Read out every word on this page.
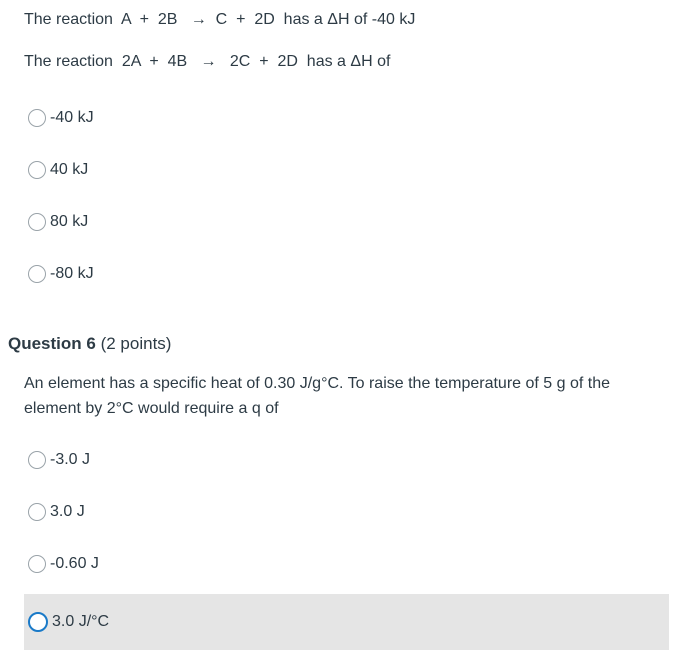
The reaction  A  +  2B   →  C  +  2D  has a ΔH of -40 kJ
The reaction  2A  +  4B   →   2C  +  2D  has a ΔH of
-40 kJ
40 kJ
80 kJ
-80 kJ
Question 6 (2 points)
An element has a specific heat of 0.30 J/g°C. To raise the temperature of 5 g of the element by 2°C would require a q of
-3.0 J
3.0 J
-0.60 J
3.0 J/°C
